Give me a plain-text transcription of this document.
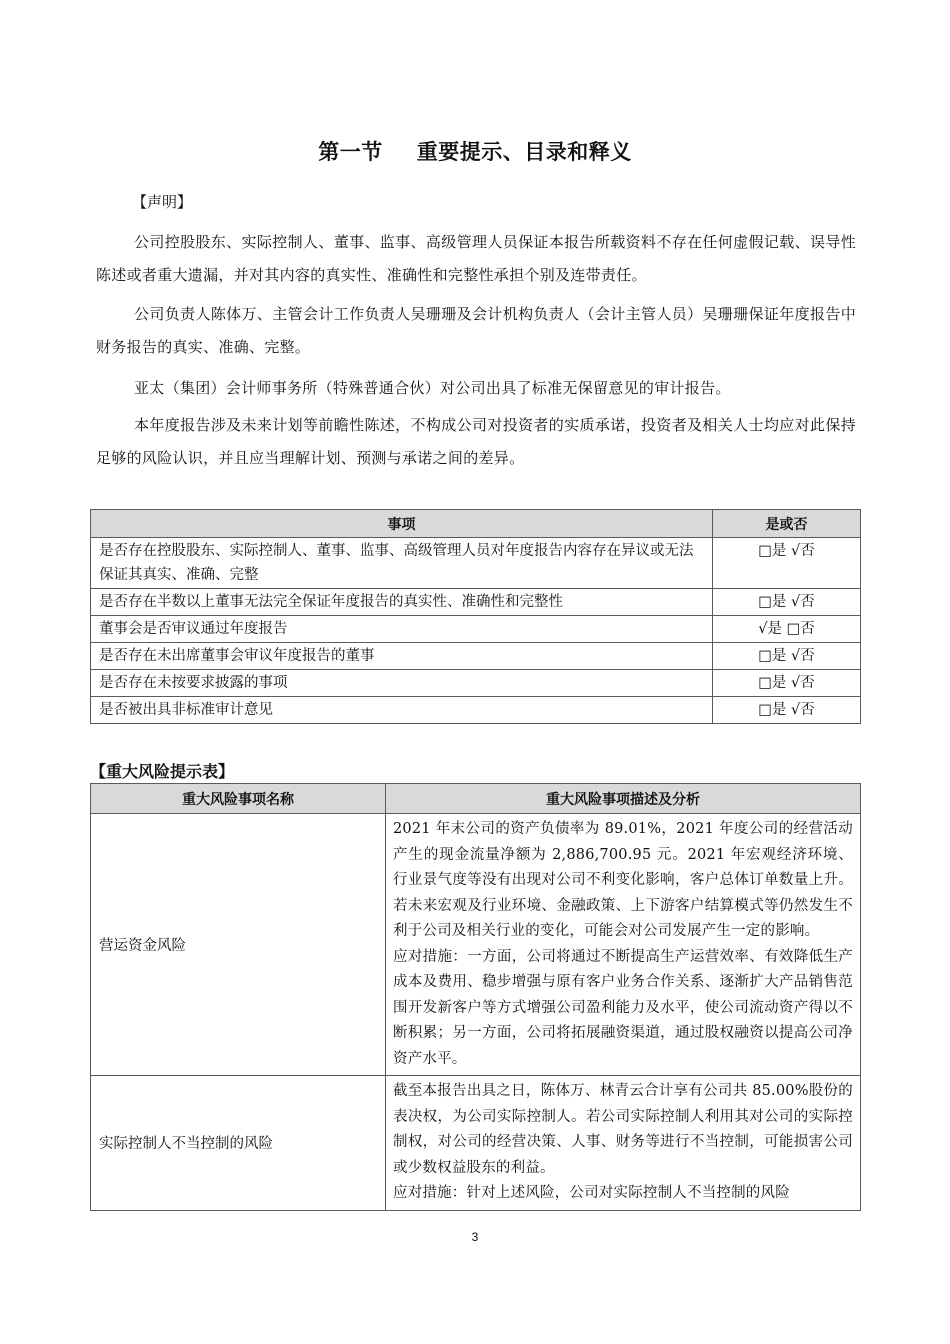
第一节 重要提示、目录和释义

【声明】

公司控股股东、实际控制人、董事、监事、高级管理人员保证本报告所载资料不存在任何虚假记载、误导性陈述或者重大遗漏，并对其内容的真实性、准确性和完整性承担个别及连带责任。

公司负责人陈体万、主管会计工作负责人吴珊珊及会计机构负责人（会计主管人员）吴珊珊保证年度报告中财务报告的真实、准确、完整。

亚太（集团）会计师事务所（特殊普通合伙）对公司出具了标准无保留意见的审计报告。

本年度报告涉及未来计划等前瞻性陈述，不构成公司对投资者的实质承诺，投资者及相关人士均应对此保持足够的风险认识，并且应当理解计划、预测与承诺之间的差异。

事项	是或否
是否存在控股股东、实际控制人、董事、监事、高级管理人员对年度报告内容存在异议或无法保证其真实、准确、完整	□是 √否
是否存在半数以上董事无法完全保证年度报告的真实性、准确性和完整性	□是 √否
董事会是否审议通过年度报告	√是 □否
是否存在未出席董事会审议年度报告的董事	□是 √否
是否存在未按要求披露的事项	□是 √否
是否被出具非标准审计意见	□是 √否

【重大风险提示表】

重大风险事项名称	重大风险事项描述及分析
营运资金风险	2021 年末公司的资产负债率为 89.01%，2021 年度公司的经营活动产生的现金流量净额为 2,886,700.95 元。2021 年宏观经济环境、行业景气度等没有出现对公司不利变化影响，客户总体订单数量上升。若未来宏观及行业环境、金融政策、上下游客户结算模式等仍然发生不利于公司及相关行业的变化，可能会对公司发展产生一定的影响。

应对措施：一方面，公司将通过不断提高生产运营效率、有效降低生产成本及费用、稳步增强与原有客户业务合作关系、逐渐扩大产品销售范围开发新客户等方式增强公司盈利能力及水平，使公司流动资产得以不断积累；另一方面，公司将拓展融资渠道，通过股权融资以提高公司净资产水平。

实际控制人不当控制的风险	截至本报告出具之日，陈体万、林青云合计享有公司共 85.00%股份的表决权，为公司实际控制人。若公司实际控制人利用其对公司的实际控制权，对公司的经营决策、人事、财务等进行不当控制，可能损害公司或少数权益股东的利益。

应对措施：针对上述风险，公司对实际控制人不当控制的风险

3
